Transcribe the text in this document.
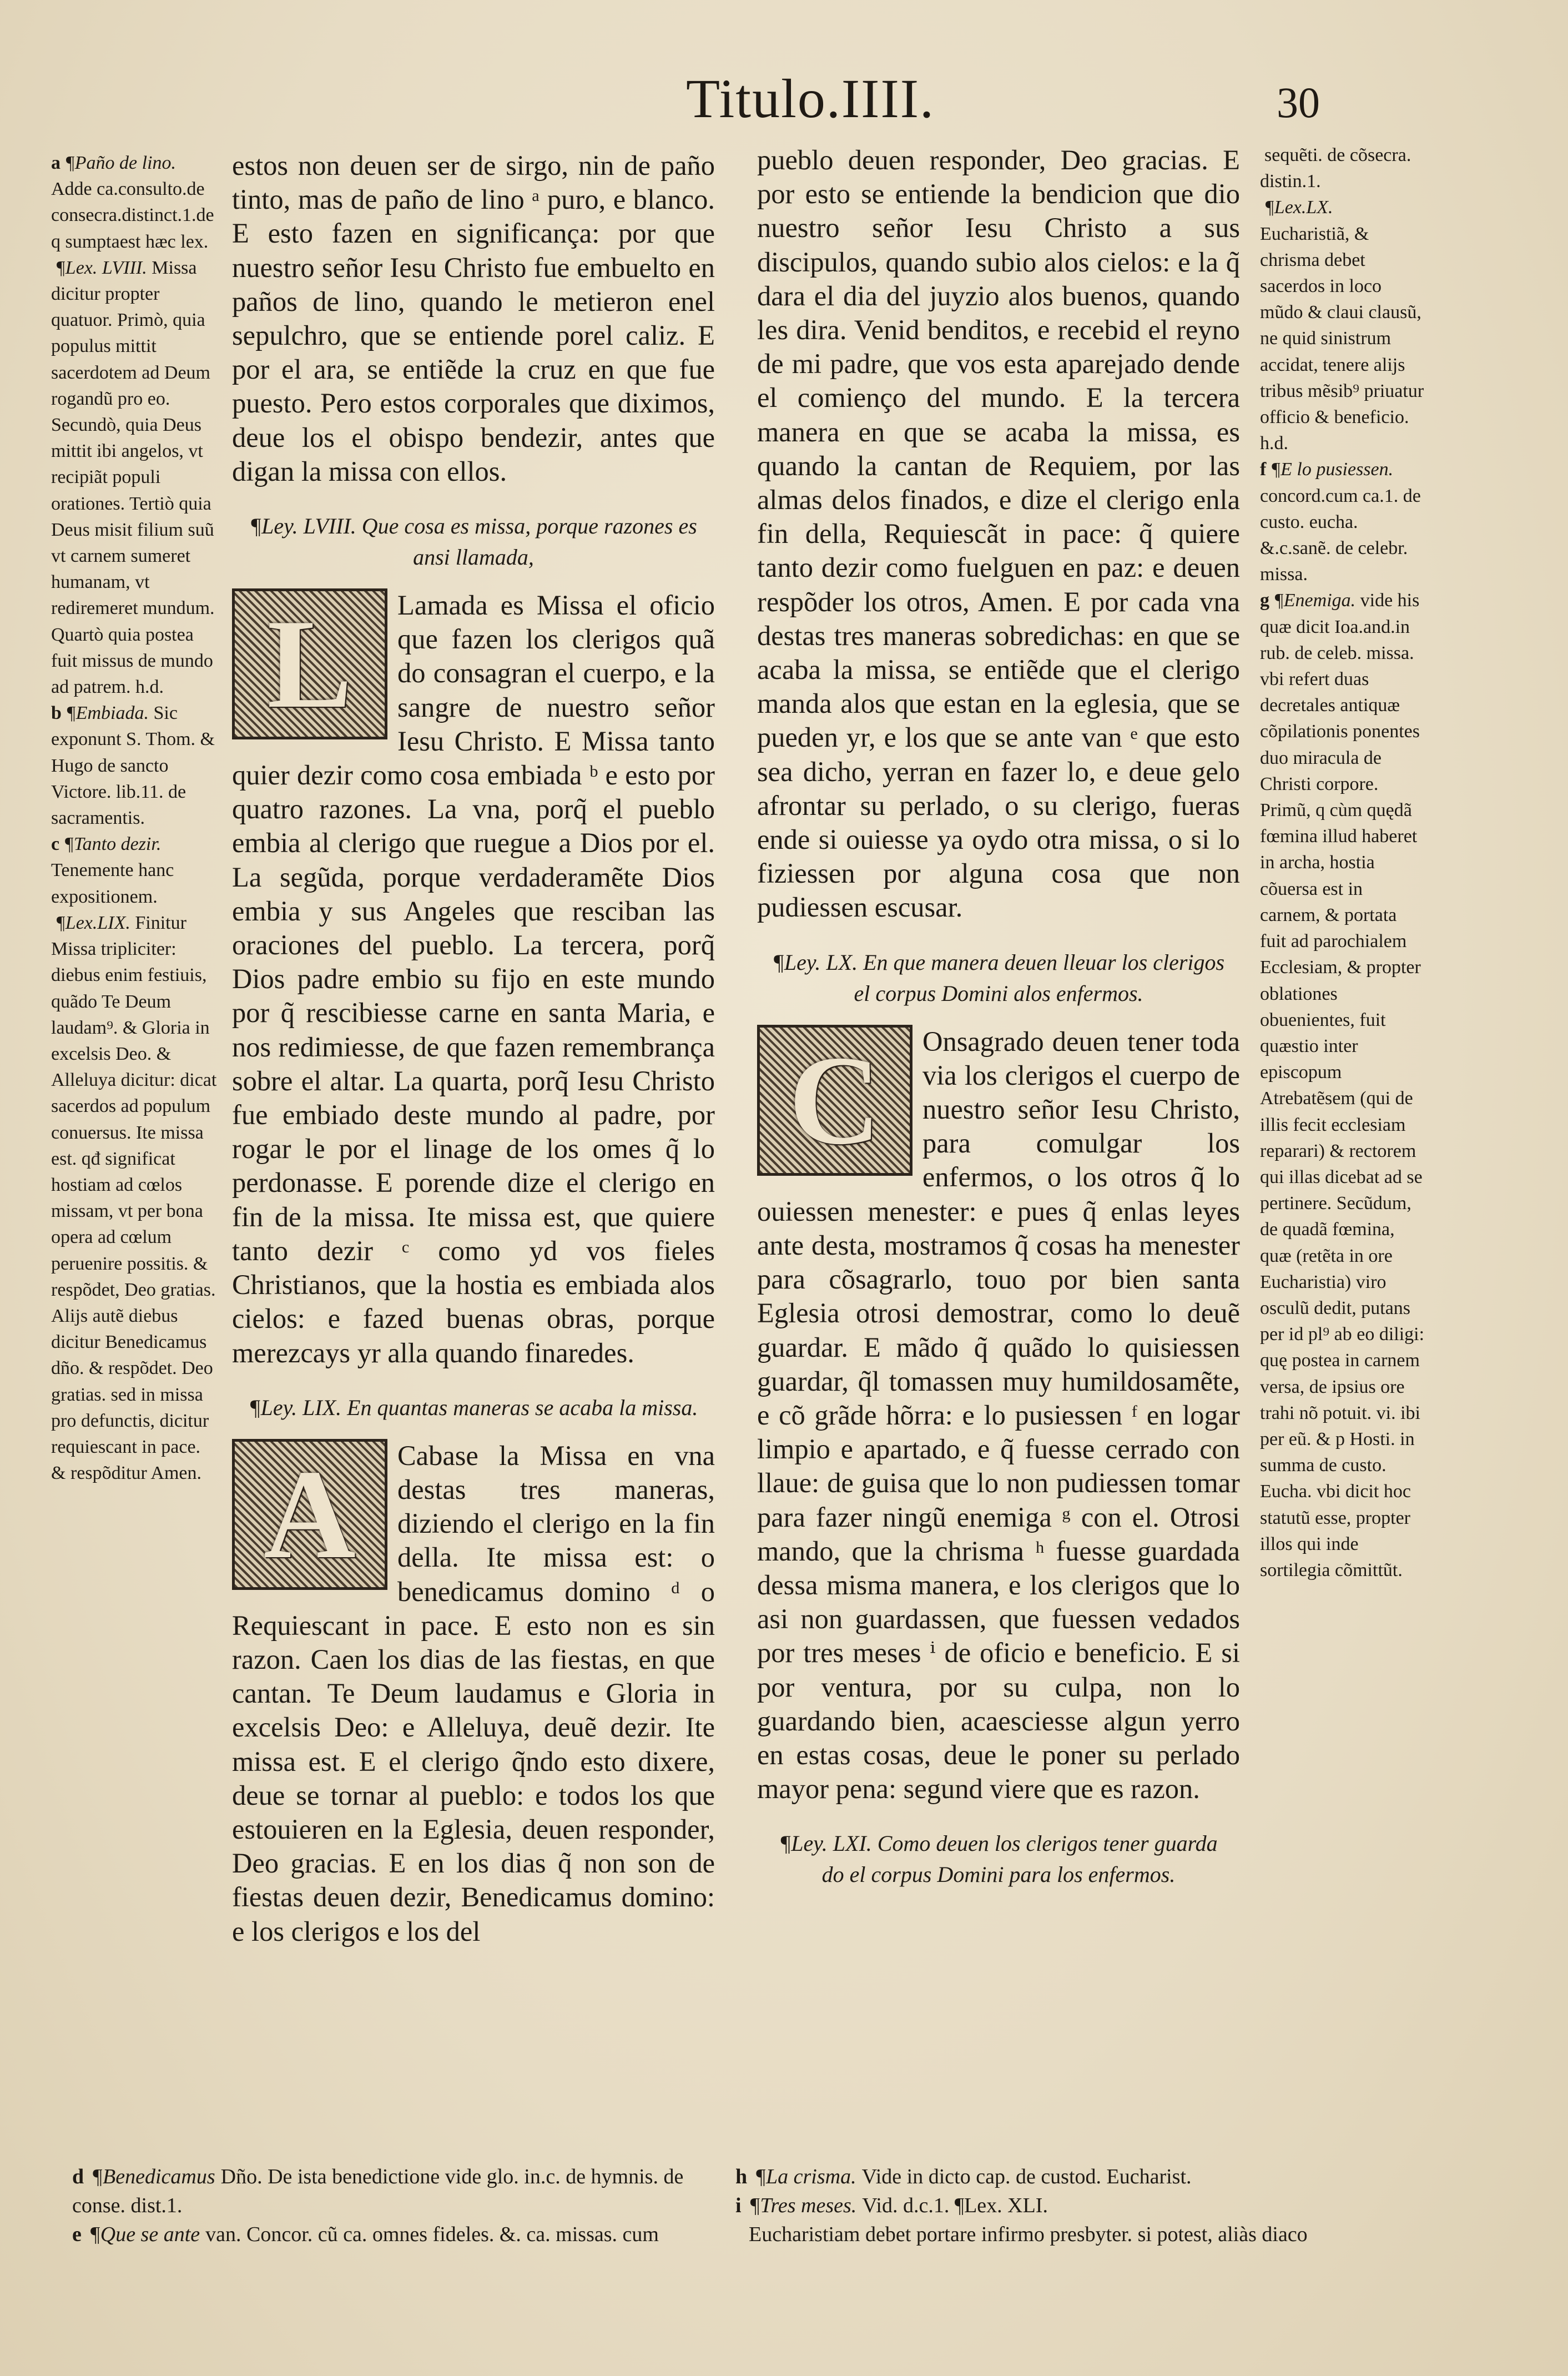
Titulo.IIII.	30

a ¶Paño de lino. Adde ca.consulto.de consecra.distinct.1.de q sumptaest hæc lex.

¶Lex. LVIII. Missa dicitur propter quatuor. Primò, quia populus mittit sacerdotem ad Deum rogandũ pro eo. Secundò, quia Deus mittit ibi angelos, vt recipiãt populi orationes. Tertiò quia Deus misit filium suũ vt carnem sumeret humanam, vt rediremeret mundum. Quartò quia postea fuit missus de mundo ad patrem. h.d.

b ¶Embiada. Sic exponunt S. Thom. & Hugo de sancto Victore. lib.11. de sacramentis.

c ¶Tanto dezir. Tenemente hanc expositionem.

¶Lex.LIX. Finitur Missa tripliciter: diebus enim festiuis, quãdo Te Deum laudam⁹. & Gloria in excelsis Deo. & Alleluya dicitur: dicat sacerdos ad populum conuersus. Ite missa est. qđ significat hostiam ad cœlos missam, vt per bona opera ad cœlum peruenire possitis. & respõdet, Deo gratias. Alijs autẽ diebus dicitur Benedicamus dño. & respõdet. Deo gratias. sed in missa pro defunctis, dicitur requiescant in pace. & respõditur Amen.

estos non deuen ser de sirgo, nin de paño tinto, mas de paño de lino ᵃ puro, e blanco. E esto fazen en significança: por que nuestro señor Iesu Christo fue embuelto en paños de lino, quando le metieron enel sepulchro, que se entiende porel caliz. E por el ara, se entiẽde la cruz en que fue puesto. Pero estos corporales que diximos, deue los el obispo bendezir, antes que digan la missa con ellos.

¶Ley. LVIII. Que cosa es missa, porque razones es ansi llamada,
L	Lamada es Missa el oficio que fazen los clerigos quã do consagran el cuerpo, e la sangre de nuestro señor Iesu Christo. E Missa tanto quier dezir como cosa embiada ᵇ e esto por quatro razones. La vna, porq̃ el pueblo embia al clerigo que ruegue a Dios por el. La segũda, porque verdaderamẽte Dios embia y sus Angeles que resciban las oraciones del pueblo. La tercera, porq̃ Dios padre embio su fijo en este mundo por q̃ rescibiesse carne en santa Maria, e nos redimiesse, de que fazen remembrança sobre el altar. La quarta, porq̃ Iesu Christo fue embiado deste mundo al padre, por rogar le por el linage de los omes q̃ lo perdonasse. E porende dize el clerigo en fin de la missa. Ite missa est, que quiere tanto dezir ᶜ como yd vos fieles Christianos, que la hostia es embiada alos cielos: e fazed buenas obras, porque merezcays yr alla quando finaredes.

¶Ley. LIX. En quantas maneras se acaba la missa.
A	Cabase la Missa en vna destas tres maneras, diziendo el clerigo en la fin della. Ite missa est: o benedicamus domino ᵈ o Requiescant in pace. E esto non es sin razon. Caen los dias de las fiestas, en que cantan. Te Deum laudamus e Gloria in excelsis Deo: e Alleluya, deuẽ dezir. Ite missa est. E el clerigo q̃ndo esto dixere, deue se tornar al pueblo: e todos los que estouieren en la Eglesia, deuen responder, Deo gracias. E en los dias q̃ non son de fiestas deuen dezir, Benedicamus domino: e los clerigos e los del

pueblo deuen responder, Deo gracias. E por esto se entiende la bendicion que dio nuestro señor Iesu Christo a sus discipulos, quando subio alos cielos: e la q̃ dara el dia del juyzio alos buenos, quando les dira. Venid benditos, e recebid el reyno de mi padre, que vos esta aparejado dende el comienço del mundo. E la tercera manera en que se acaba la missa, es quando la cantan de Requiem, por las almas delos finados, e dize el clerigo enla fin della, Requiescãt in pace: q̃ quiere tanto dezir como fuelguen en paz: e deuen respõder los otros, Amen. E por cada vna destas tres maneras sobredichas: en que se acaba la missa, se entiẽde que el clerigo manda alos que estan en la eglesia, que se pueden yr, e los que se ante van ᵉ que esto sea dicho, yerran en fazer lo, e deue gelo afrontar su perlado, o su clerigo, fueras ende si ouiesse ya oydo otra missa, o si lo fiziessen por alguna cosa que non pudiessen escusar.

¶Ley. LX. En que manera deuen lleuar los clerigos el corpus Domini alos enfermos.
C	Onsagrado deuen tener toda via los clerigos el cuerpo de nuestro señor Iesu Christo, para comulgar los enfermos, o los otros q̃ lo ouiessen menester: e pues q̃ enlas leyes ante desta, mostramos q̃ cosas ha menester para cõsagrarlo, touo por bien santa Eglesia otrosi demostrar, como lo deuẽ guardar. E mãdo q̃ quãdo lo quisiessen guardar, q̃l tomassen muy humildosamẽte, e cõ grãde hõrra: e lo pusiessen ᶠ en logar limpio e apartado, e q̃ fuesse cerrado con llaue: de guisa que lo non pudiessen tomar para fazer ningũ enemiga ᵍ con el. Otrosi mando, que la chrisma ʰ fuesse guardada dessa misma manera, e los clerigos que lo asi non guardassen, que fuessen vedados por tres meses ⁱ de oficio e beneficio. E si por ventura, por su culpa, non lo guardando bien, acaesciesse algun yerro en estas cosas, deue le poner su perlado mayor pena: segund viere que es razon.

¶Ley. LXI. Como deuen los clerigos tener guarda do el corpus Domini para los enfermos.

sequẽti. de cõsecra. distin.1.

¶Lex.LX. Eucharistiã, & chrisma debet sacerdos in loco mũdo & claui clausũ, ne quid sinistrum accidat, tenere alijs tribus mẽsib⁹ priuatur officio & beneficio. h.d.

f ¶E lo pusiessen. concord.cum ca.1. de custo. eucha. &.c.sanẽ. de celebr. missa.

g ¶Enemiga. vide his quæ dicit Ioa.and.in rub. de celeb. missa. vbi refert duas decretales antiquæ cõpilationis ponentes duo miracula de Christi corpore. Primũ, q cùm quędã fœmina illud haberet in archa, hostia cõuersa est in carnem, & portata fuit ad parochialem Ecclesiam, & propter oblationes obuenientes, fuit quæstio inter episcopum Atrebatẽsem (qui de illis fecit ecclesiam reparari) & rectorem qui illas dicebat ad se pertinere. Secũdum, de quadã fœmina, quæ (retẽta in ore Eucharistia) viro osculũ dedit, putans per id pl⁹ ab eo diligi: quę postea in carnem versa, de ipsius ore trahi nõ potuit. vi. ibi per eũ. & p Hosti. in summa de custo. Eucha. vbi dicit hoc statutũ esse, propter illos qui inde sortilegia cõmittũt.

d ¶Benedicamus Dño. De ista benedictione vide glo. in.c. de hymnis. de conse. dist.1.

e ¶Que se ante van. Concor. cũ ca. omnes fideles. &. ca. missas. cum

h ¶La crisma. Vide in dicto cap. de custod. Eucharist.

i ¶Tres meses. Vid. d.c.1. ¶Lex. XLI.

Eucharistiam debet portare infirmo presbyter. si potest, aliàs diaco
